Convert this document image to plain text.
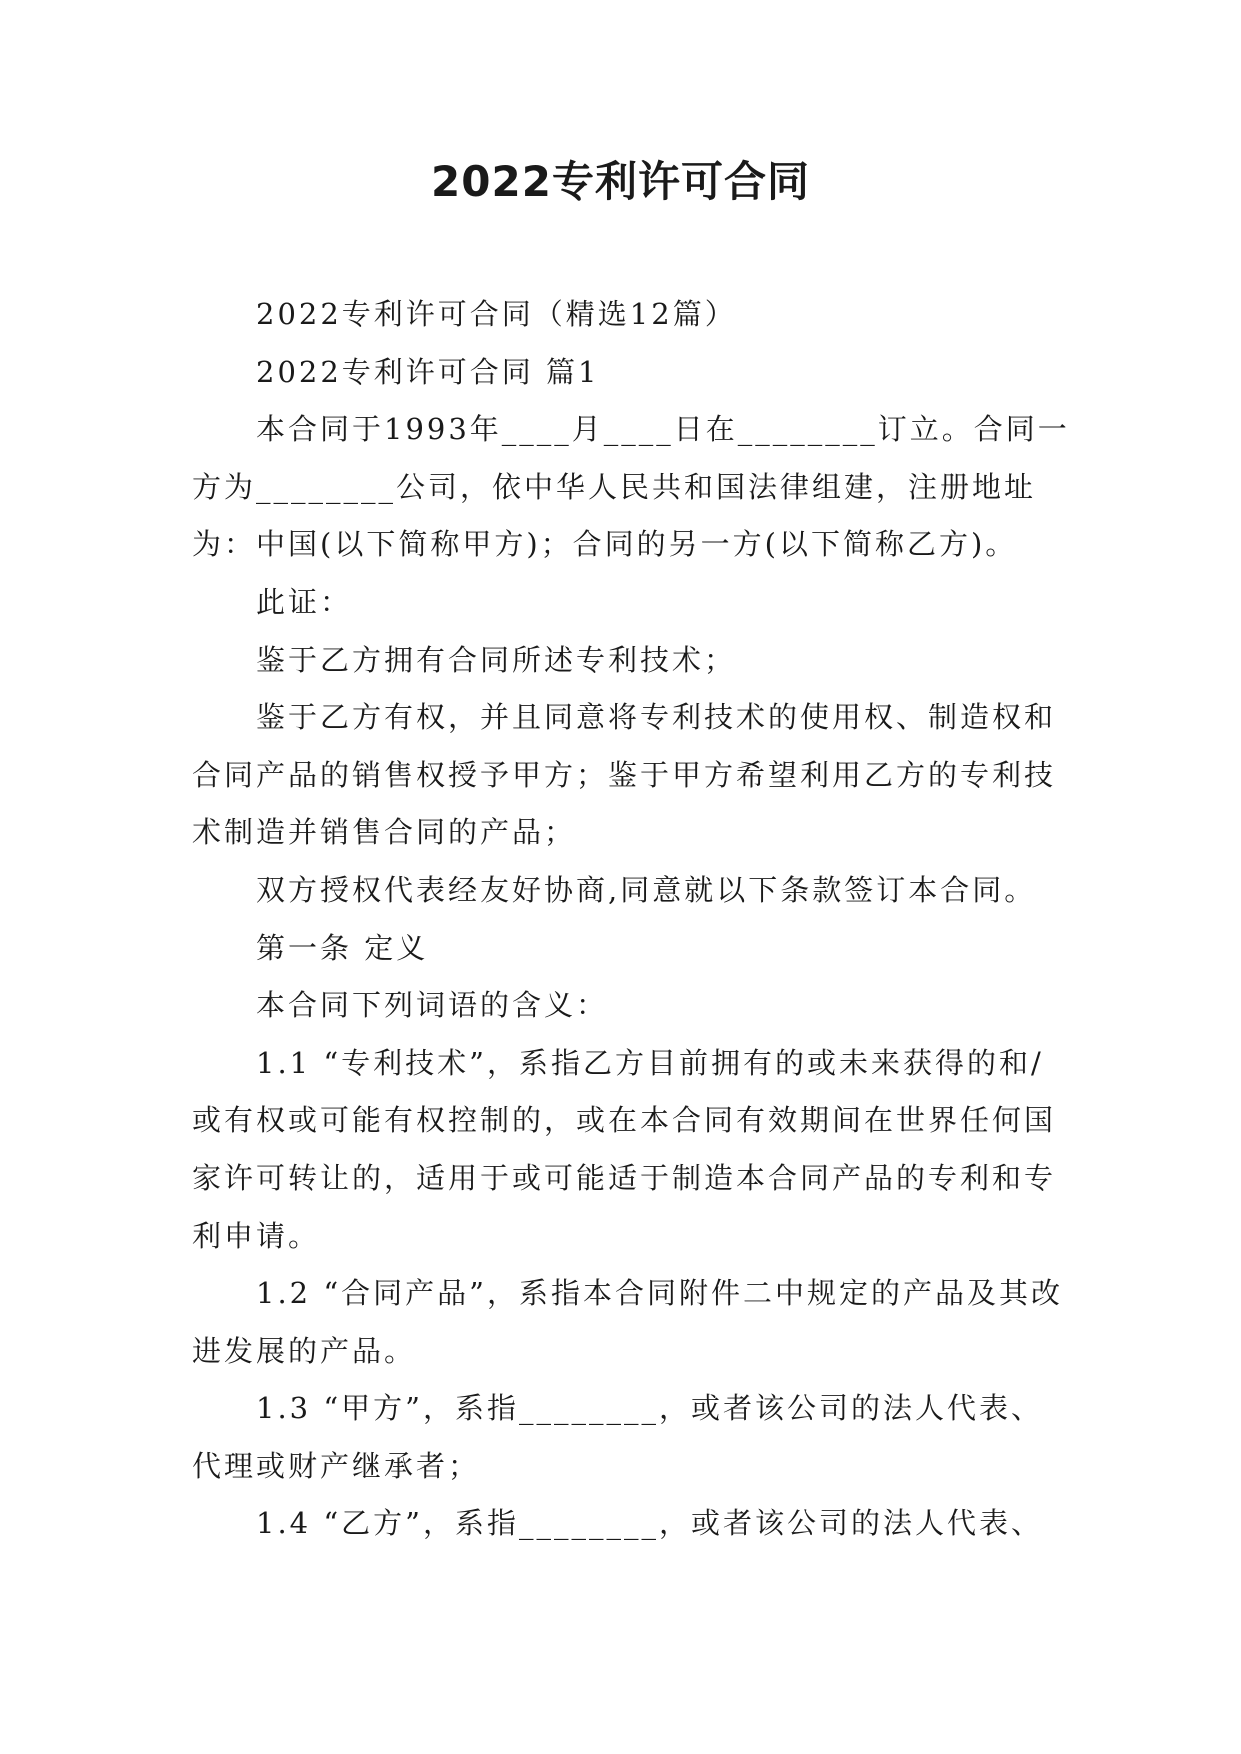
2022专利许可合同

2022专利许可合同（精选12篇）

2022专利许可合同 篇1

本合同于1993年____月____日在________订立。合同一方为________公司，依中华人民共和国法律组建，注册地址为：中国(以下简称甲方)；合同的另一方(以下简称乙方)。

此证：

鉴于乙方拥有合同所述专利技术；

鉴于乙方有权，并且同意将专利技术的使用权、制造权和合同产品的销售权授予甲方；鉴于甲方希望利用乙方的专利技术制造并销售合同的产品；

双方授权代表经友好协商,同意就以下条款签订本合同。

第一条 定义

本合同下列词语的含义：

1.1 “专利技术”，系指乙方目前拥有的或未来获得的和/或有权或可能有权控制的，或在本合同有效期间在世界任何国家许可转让的，适用于或可能适于制造本合同产品的专利和专利申请。

1.2 “合同产品”，系指本合同附件二中规定的产品及其改进发展的产品。

1.3 “甲方”，系指________，或者该公司的法人代表、代理或财产继承者；

1.4 “乙方”，系指________，或者该公司的法人代表、
